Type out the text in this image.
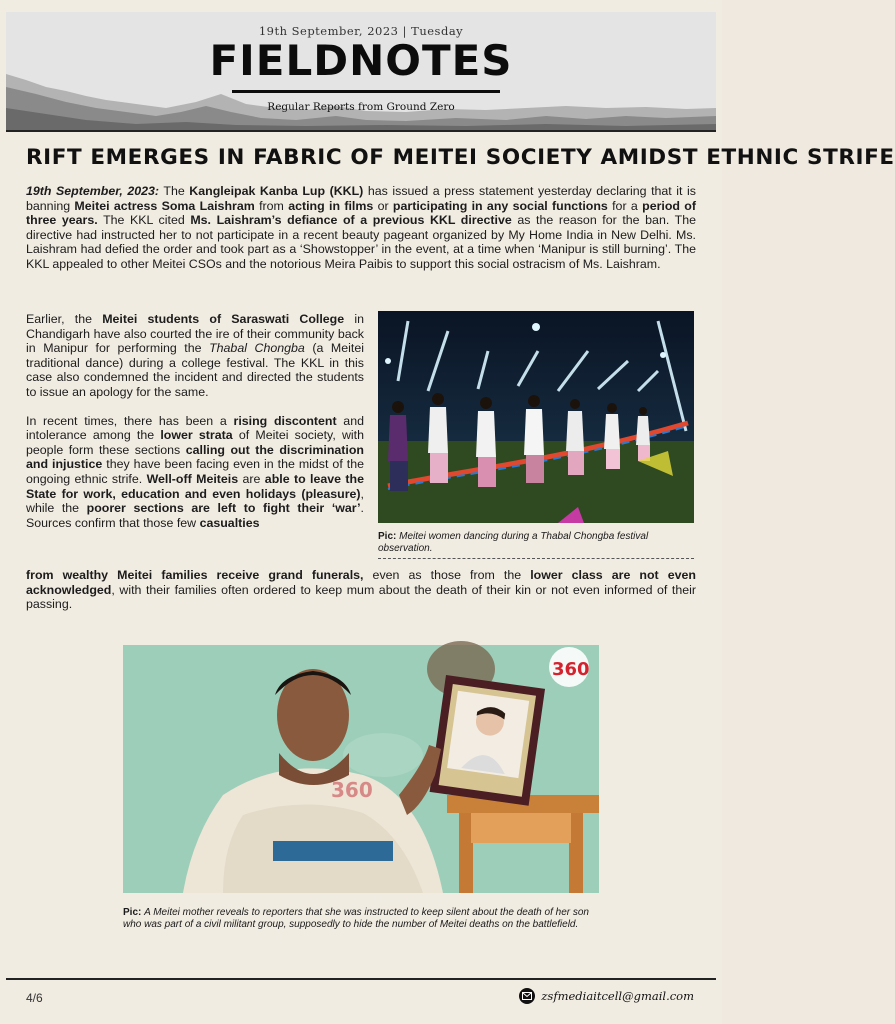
19th September, 2023 | Tuesday
FIELDNOTES
Regular Reports from Ground Zero
RIFT EMERGES IN FABRIC OF MEITEI SOCIETY AMIDST ETHNIC STRIFE
19th September, 2023: The Kangleipak Kanba Lup (KKL) has issued a press statement yesterday declaring that it is banning Meitei actress Soma Laishram from acting in films or participating in any social functions for a period of three years. The KKL cited Ms. Laishram’s defiance of a previous KKL directive as the reason for the ban. The directive had instructed her to not participate in a recent beauty pageant organized by My Home India in New Delhi. Ms. Laishram had defied the order and took part as a ‘Showstopper’ in the event, at a time when ‘Manipur is still burning’. The KKL appealed to other Meitei CSOs and the notorious Meira Paibis to support this social ostracism of Ms. Laishram.

Earlier, the Meitei students of Saraswati College in Chandigarh have also courted the ire of their community back in Manipur for performing the Thabal Chongba (a Meitei traditional dance) during a college festival. The KKL in this case also condemned the incident and directed the students to issue an apology for the same.

In recent times, there has been a rising discontent and intolerance among the lower strata of Meitei society, with people form these sections calling out the discrimination and injustice they have been facing even in the midst of the ongoing ethnic strife. Well-off Meiteis are able to leave the State for work, education and even holidays (pleasure), while the poorer sections are left to fight their ‘war’. Sources confirm that those few casualties

Pic: Meitei women dancing during a Thabal Chongba festival observation.
from wealthy Meitei families receive grand funerals, even as those from the lower class are not even acknowledged, with their families often ordered to keep mum about the death of their kin or not even informed of their passing.
360
360
Pic: A Meitei mother reveals to reporters that she was instructed to keep silent about the death of her son who was part of a civil militant group, supposedly to hide the number of Meitei deaths on the battlefield.
4/6	zsfmediaitcell@gmail.com
